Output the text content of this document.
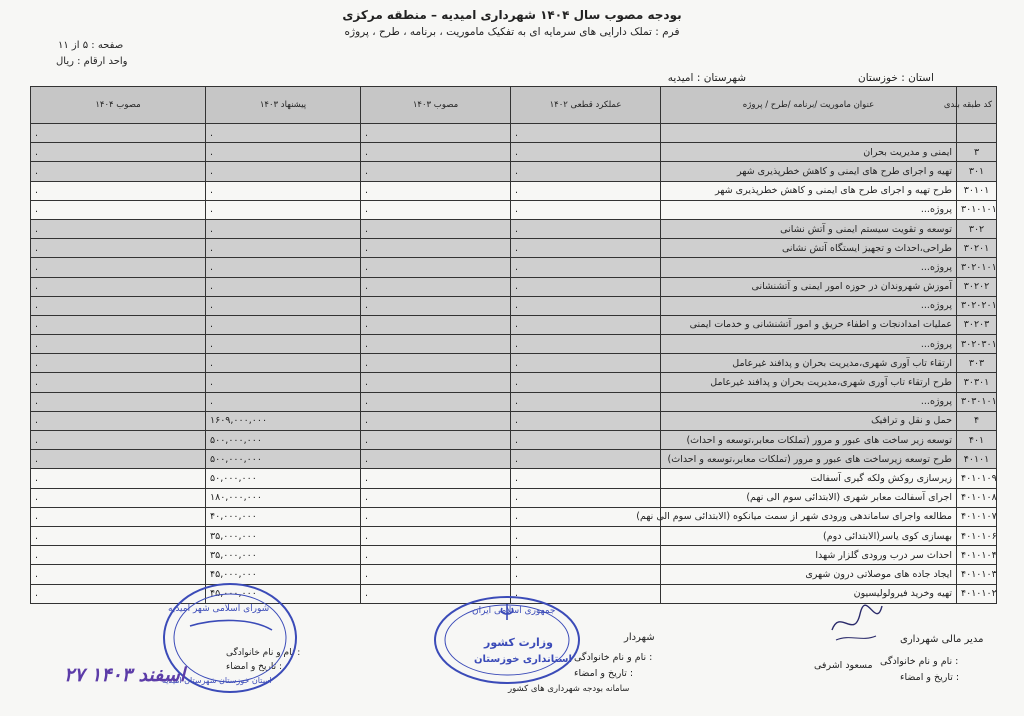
بودجه مصوب سال ۱۴۰۴ شهرداری امیدیه – منطقه مرکزی
فرم : تملک دارایی های سرمایه ای به تفکیک ماموریت ، برنامه ، طرح ، پروژه
صفحه : ۵ از ۱۱
واحد ارقام : ریال
استان : خوزستان
شهرستان : امیدیه
کد طبقه بندی	عنوان ماموریت /برنامه /طرح / پروژه	عملکرد قطعی ۱۴۰۲	مصوب ۱۴۰۳	پیشنهاد ۱۴۰۳	مصوب ۱۴۰۴
		.	.	.	.
۳	ایمنی و مدیریت بحران	.	.	.	.
۳۰۱	تهیه و اجرای طرح های ایمنی و کاهش خطرپذیری شهر	.	.	.	.
۳۰۱۰۱	طرح تهیه و اجرای طرح های ایمنی و کاهش خطرپذیری شهر	.	.	.	.
۳۰۱۰۱۰۱	پروژه...	.	.	.	.
۳۰۲	توسعه و تقویت سیستم ایمنی و آتش نشانی	.	.	.	.
۳۰۲۰۱	طراحی،احداث و تجهیز ایستگاه آتش نشانی	.	.	.	.
۳۰۲۰۱۰۱	پروژه...	.	.	.	.
۳۰۲۰۲	آموزش شهروندان در حوزه امور ایمنی و آتشنشانی	.	.	.	.
۳۰۲۰۲۰۱	پروژه...	.	.	.	.
۳۰۲۰۳	عملیات امدادنجات و اطفاء حریق و امور آتشنشانی و خدمات ایمنی	.	.	.	.
۳۰۲۰۳۰۱	پروژه...	.	.	.	.
۳۰۳	ارتقاء تاب آوری شهری،مدیریت بحران و پدافند غیرعامل	.	.	.	.
۳۰۳۰۱	طرح ارتقاء تاب آوری شهری،مدیریت بحران و پدافند غیرعامل	.	.	.	.
۳۰۳۰۱۰۱	پروژه...	.	.	.	.
۴	حمل و نقل و ترافیک	.	.	۱۶۰۹,۰۰۰,۰۰۰	.
۴۰۱	توسعه زیر ساخت های عبور و مرور (تملکات معابر،توسعه و احداث)	.	.	۵۰۰,۰۰۰,۰۰۰	.
۴۰۱۰۱	طرح توسعه زیرساخت های عبور و مرور (تملکات معابر،توسعه و احداث)	.	.	۵۰۰,۰۰۰,۰۰۰	.
۴۰۱۰۱۰۹	زیرسازی روکش ولکه گیری آسفالت	.	.	۵۰,۰۰۰,۰۰۰	.
۴۰۱۰۱۰۸	اجرای آسفالت معابر شهری (الابتدائی سوم الی نهم)	.	.	۱۸۰,۰۰۰,۰۰۰	.
۴۰۱۰۱۰۷	مطالعه واجرای ساماندهی ورودی شهر از سمت میانکوه (الابتدائی سوم الی نهم)	.	.	۴۰,۰۰۰,۰۰۰	.
۴۰۱۰۱۰۶	بهسازی کوی یاسر(الابتدائی دوم)	.	.	۳۵,۰۰۰,۰۰۰	.
۴۰۱۰۱۰۴	احداث سر درب ورودی گلزار شهدا	.	.	۳۵,۰۰۰,۰۰۰	.
۴۰۱۰۱۰۳	ایجاد جاده های موصلاتی درون شهری	.	.	۴۵,۰۰۰,۰۰۰	.
۴۰۱۰۱۰۲	تهیه وخرید فیرولولیسیون	.	.	۴۵,۰۰۰,۰۰۰	.
مدیر مالی شهرداری
نام و نام خانوادگی :
مسعود اشرفی
تاریخ و امضاء :
شهردار
نام و نام خانوادگی :
تاریخ و امضاء :
نام و نام خانوادگی :
تاریخ و امضاء :
سامانه بودجه شهرداری های کشور
جمهوری اسلامی ایران
وزارت کشور
استانداری خوزستان
شورای اسلامی شهر امیدیه
استان خوزستان شهرستان امیدیه
۲۷ اسفند ۱۴۰۳
